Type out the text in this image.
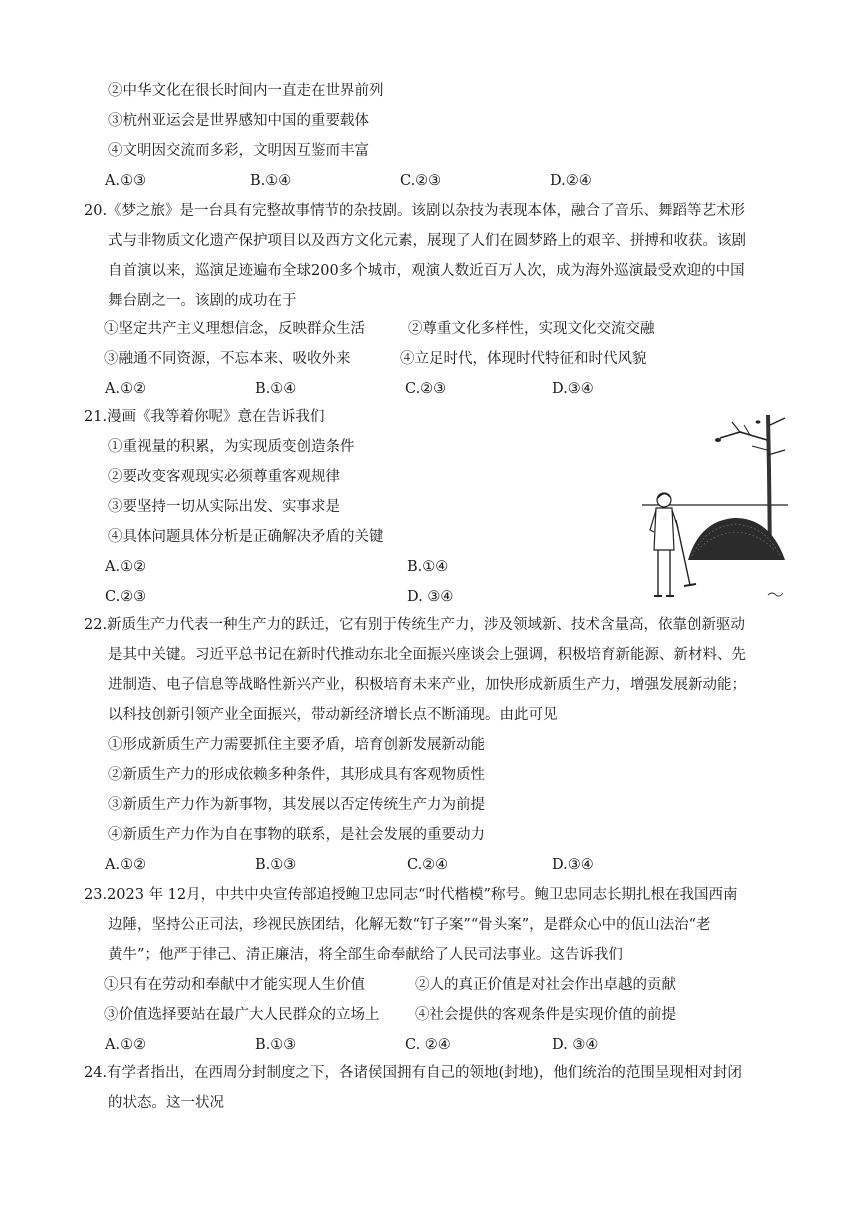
②中华文化在很长时间内一直走在世界前列
③杭州亚运会是世界感知中国的重要载体
④文明因交流而多彩，文明因互鉴而丰富
A.①③	B.①④	C.②③	D.②④
20.《梦之旅》是一台具有完整故事情节的杂技剧。该剧以杂技为表现本体，融合了音乐、舞蹈等艺术形
式与非物质文化遗产保护项目以及西方文化元素，展现了人们在圆梦路上的艰辛、拼搏和收获。该剧
自首演以来，巡演足迹遍布全球200多个城市，观演人数近百万人次，成为海外巡演最受欢迎的中国
舞台剧之一。该剧的成功在于
①坚定共产主义理想信念，反映群众生活	②尊重文化多样性，实现文化交流交融
③融通不同资源，不忘本来、吸收外来	④立足时代，体现时代特征和时代风貌
A.①②	B.①④	C.②③	D.③④
21.漫画《我等着你呢》意在告诉我们
①重视量的积累，为实现质变创造条件
②要改变客观现实必须尊重客观规律
③要坚持一切从实际出发、实事求是
④具体问题具体分析是正确解决矛盾的关键
A.①②	B.①④
C.②③	D. ③④
22.新质生产力代表一种生产力的跃迁，它有别于传统生产力，涉及领域新、技术含量高，依靠创新驱动
是其中关键。习近平总书记在新时代推动东北全面振兴座谈会上强调，积极培育新能源、新材料、先
进制造、电子信息等战略性新兴产业，积极培育未来产业，加快形成新质生产力，增强发展新动能；
以科技创新引领产业全面振兴，带动新经济增长点不断涌现。由此可见
①形成新质生产力需要抓住主要矛盾，培育创新发展新动能
②新质生产力的形成依赖多种条件，其形成具有客观物质性
③新质生产力作为新事物，其发展以否定传统生产力为前提
④新质生产力作为自在事物的联系，是社会发展的重要动力
A.①②	B.①③	C.②④	D.③④
23.2023 年 12月，中共中央宣传部追授鲍卫忠同志“时代楷模”称号。鲍卫忠同志长期扎根在我国西南
边陲，坚持公正司法，珍视民族团结，化解无数“钉子案”“骨头案”，是群众心中的佤山法治“老
黄牛”；他严于律己、清正廉洁，将全部生命奉献给了人民司法事业。这告诉我们
①只有在劳动和奉献中才能实现人生价值	②人的真正价值是对社会作出卓越的贡献
③价值选择要站在最广大人民群众的立场上 ④社会提供的客观条件是实现价值的前提
A.①②	B.①③	C. ②④	D. ③④
24.有学者指出，在西周分封制度之下，各诸侯国拥有自己的领地(封地)，他们统治的范围呈现相对封闭
的状态。这一状况
